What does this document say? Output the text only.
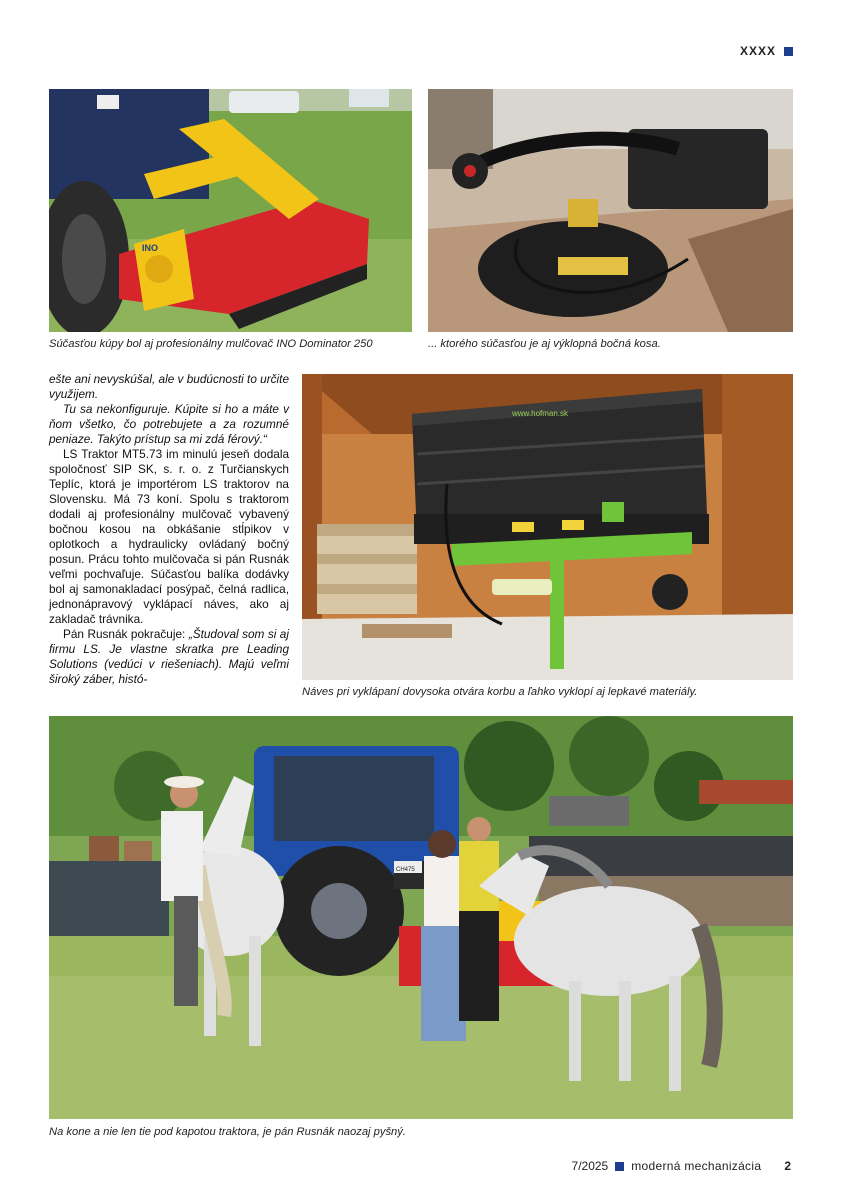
XXXX
INO
Súčasťou kúpy bol aj profesionálny mulčovač INO Dominator 250	... ktorého súčasťou je aj výklopná bočná kosa.

ešte ani nevyskúšal, ale v budúcnosti to určite využijem.

Tu sa nekonfiguruje. Kúpite si ho a máte v ňom všetko, čo potrebujete a za rozumné peniaze. Takýto prístup sa mi zdá férový.“

LS Traktor MT5.73 im minulú jeseň dodala spoločnosť SIP SK, s. r. o. z Turčianskych Teplíc, ktorá je importérom LS traktorov na Slovensku. Má 73 koní. Spolu s traktorom dodali aj profesionálny mulčovač vybavený bočnou kosou na obkášanie stĺpikov v oplotkoch a hydraulicky ovládaný bočný posun. Prácu tohto mulčovača si pán Rusnák veľmi pochvaľuje. Súčasťou balíka dodávky bol aj samonakladací posýpač, čelná radlica, jednonápravový vyklápací náves, ako aj zakladač trávnika.

Pán Rusnák pokračuje: „Študoval som si aj firmu LS. Je vlastne skratka pre Leading Solutions (vedúci v riešeniach). Majú veľmi široký záber, histó-

www.hofman.sk
Náves pri vyklápaní dovysoka otvára korbu a ľahko vyklopí aj lepkavé materiály.
CH475
Na kone a nie len tie pod kapotou traktora, je pán Rusnák naozaj pyšný.
7/2025 moderná mechanizácia 2
